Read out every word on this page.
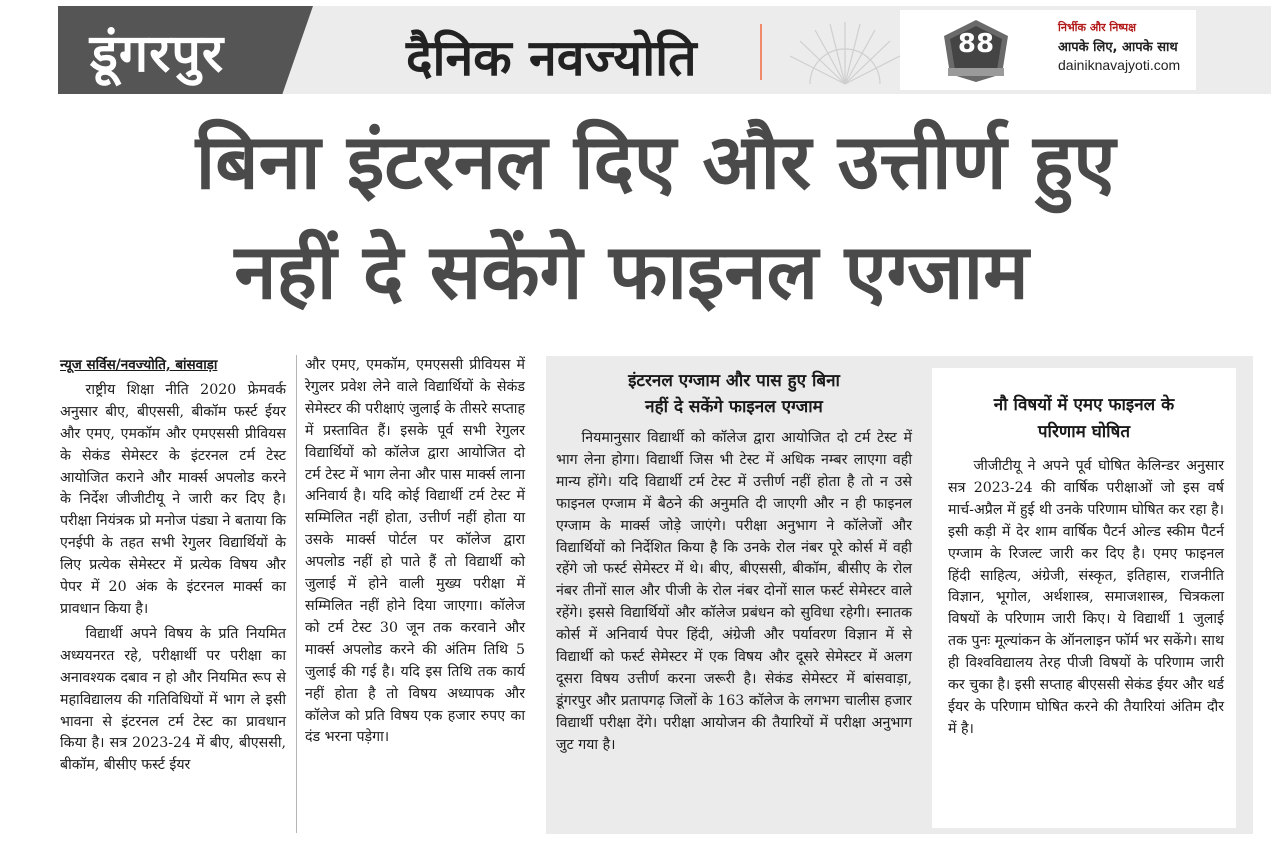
डूंगरपुर	दैनिक नवज्योति	88
निर्भीक और निष्पक्ष
आपके लिए, आपके साथ
dainiknavajyoti.com
बिना इंटरनल दिए और उत्तीर्ण हुए
नहीं दे सकेंगे फाइनल एग्जाम

न्यूज सर्विस/नवज्योति, बांसवाड़ा

राष्ट्रीय शिक्षा नीति 2020 फ्रेमवर्क अनुसार बीए, बीएससी, बीकॉम फर्स्ट ईयर और एमए, एमकॉम और एमएससी प्रीवियस के सेकंड सेमेस्टर के इंटरनल टर्म टेस्ट आयोजित कराने और मार्क्स अपलोड करने के निर्देश जीजीटीयू ने जारी कर दिए है। परीक्षा नियंत्रक प्रो मनोज पंड्या ने बताया कि एनईपी के तहत सभी रेगुलर विद्यार्थियों के लिए प्रत्येक सेमेस्टर में प्रत्येक विषय और पेपर में 20 अंक के इंटरनल मार्क्स का प्रावधान किया है।

विद्यार्थी अपने विषय के प्रति नियमित अध्ययनरत रहे, परीक्षार्थी पर परीक्षा का अनावश्यक दबाव न हो और नियमित रूप से महाविद्यालय की गतिविधियों में भाग ले इसी भावना से इंटरनल टर्म टेस्ट का प्रावधान किया है। सत्र 2023-24 में बीए, बीएससी, बीकॉम, बीसीए फर्स्ट ईयर

और एमए, एमकॉम, एमएससी प्रीवियस में रेगुलर प्रवेश लेने वाले विद्यार्थियों के सेकंड सेमेस्टर की परीक्षाएं जुलाई के तीसरे सप्ताह में प्रस्तावित हैं। इसके पूर्व सभी रेगुलर विद्यार्थियों को कॉलेज द्वारा आयोजित दो टर्म टेस्ट में भाग लेना और पास मार्क्स लाना अनिवार्य है। यदि कोई विद्यार्थी टर्म टेस्ट में सम्मिलित नहीं होता, उत्तीर्ण नहीं होता या उसके मार्क्स पोर्टल पर कॉलेज द्वारा अपलोड नहीं हो पाते हैं तो विद्यार्थी को जुलाई में होने वाली मुख्य परीक्षा में सम्मिलित नहीं होने दिया जाएगा। कॉलेज को टर्म टेस्ट 30 जून तक करवाने और मार्क्स अपलोड करने की अंतिम तिथि 5 जुलाई की गई है। यदि इस तिथि तक कार्य नहीं होता है तो विषय अध्यापक और कॉलेज को प्रति विषय एक हजार रुपए का दंड भरना पड़ेगा।

इंटरनल एग्जाम और पास हुए बिना
नहीं दे सकेंगे फाइनल एग्जाम

नियमानुसार विद्यार्थी को कॉलेज द्वारा आयोजित दो टर्म टेस्ट में भाग लेना होगा। विद्यार्थी जिस भी टेस्ट में अधिक नम्बर लाएगा वही मान्य होंगे। यदि विद्यार्थी टर्म टेस्ट में उत्तीर्ण नहीं होता है तो न उसे फाइनल एग्जाम में बैठने की अनुमति दी जाएगी और न ही फाइनल एग्जाम के मार्क्स जोड़े जाएंगे। परीक्षा अनुभाग ने कॉलेजों और विद्यार्थियों को निर्देशित किया है कि उनके रोल नंबर पूरे कोर्स में वही रहेंगे जो फर्स्ट सेमेस्टर में थे। बीए, बीएससी, बीकॉम, बीसीए के रोल नंबर तीनों साल और पीजी के रोल नंबर दोनों साल फर्स्ट सेमेस्टर वाले रहेंगे। इससे विद्यार्थियों और कॉलेज प्रबंधन को सुविधा रहेगी। स्नातक कोर्स में अनिवार्य पेपर हिंदी, अंग्रेजी और पर्यावरण विज्ञान में से विद्यार्थी को फर्स्ट सेमेस्टर में एक विषय और दूसरे सेमेस्टर में अलग दूसरा विषय उत्तीर्ण करना जरूरी है। सेकंड सेमेस्टर में बांसवाड़ा, डूंगरपुर और प्रतापगढ़ जिलों के 163 कॉलेज के लगभग चालीस हजार विद्यार्थी परीक्षा देंगे। परीक्षा आयोजन की तैयारियों में परीक्षा अनुभाग जुट गया है।

नौ विषयों में एमए फाइनल के
परिणाम घोषित

जीजीटीयू ने अपने पूर्व घोषित केलिन्डर अनुसार सत्र 2023-24 की वार्षिक परीक्षाओं जो इस वर्ष मार्च-अप्रैल में हुई थी उनके परिणाम घोषित कर रहा है। इसी कड़ी में देर शाम वार्षिक पैटर्न ओल्ड स्कीम पैटर्न एग्जाम के रिजल्ट जारी कर दिए है। एमए फाइनल हिंदी साहित्य, अंग्रेजी, संस्कृत, इतिहास, राजनीति विज्ञान, भूगोल, अर्थशास्त्र, समाजशास्त्र, चित्रकला विषयों के परिणाम जारी किए। ये विद्यार्थी 1 जुलाई तक पुनः मूल्यांकन के ऑनलाइन फॉर्म भर सकेंगे। साथ ही विश्वविद्यालय तेरह पीजी विषयों के परिणाम जारी कर चुका है। इसी सप्ताह बीएससी सेकंड ईयर और थर्ड ईयर के परिणाम घोषित करने की तैयारियां अंतिम दौर में है।
